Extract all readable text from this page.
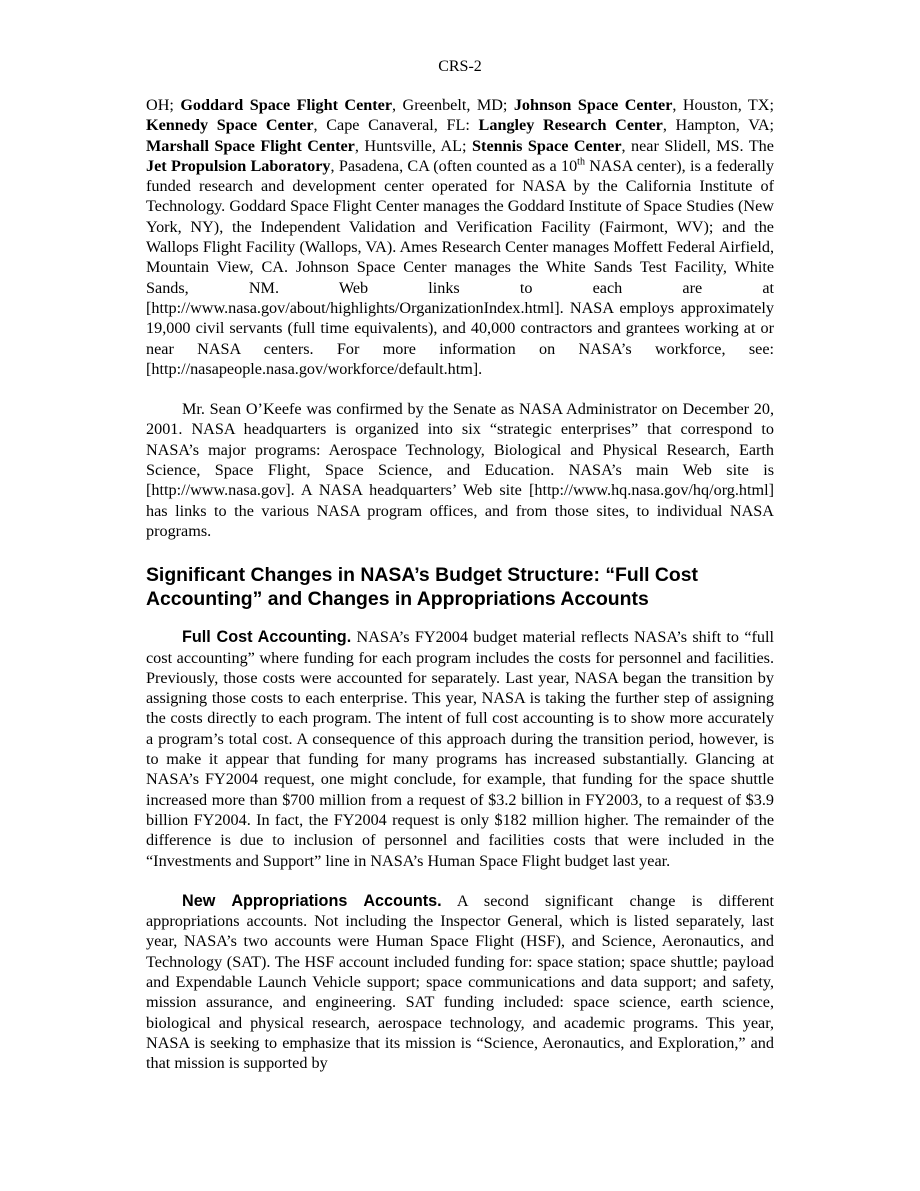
CRS-2

OH; Goddard Space Flight Center, Greenbelt, MD; Johnson Space Center, Houston, TX; Kennedy Space Center, Cape Canaveral, FL: Langley Research Center, Hampton, VA; Marshall Space Flight Center, Huntsville, AL; Stennis Space Center, near Slidell, MS. The Jet Propulsion Laboratory, Pasadena, CA (often counted as a 10th NASA center), is a federally funded research and development center operated for NASA by the California Institute of Technology. Goddard Space Flight Center manages the Goddard Institute of Space Studies (New York, NY), the Independent Validation and Verification Facility (Fairmont, WV); and the Wallops Flight Facility (Wallops, VA). Ames Research Center manages Moffett Federal Airfield, Mountain View, CA. Johnson Space Center manages the White Sands Test Facility, White Sands, NM. Web links to each are at [http://www.nasa.gov/about/highlights/OrganizationIndex.html]. NASA employs approximately 19,000 civil servants (full time equivalents), and 40,000 contractors and grantees working at or near NASA centers. For more information on NASA’s workforce, see: [http://nasapeople.nasa.gov/workforce/default.htm].

Mr. Sean O’Keefe was confirmed by the Senate as NASA Administrator on December 20, 2001. NASA headquarters is organized into six “strategic enterprises” that correspond to NASA’s major programs: Aerospace Technology, Biological and Physical Research, Earth Science, Space Flight, Space Science, and Education. NASA’s main Web site is [http://www.nasa.gov]. A NASA headquarters’ Web site [http://www.hq.nasa.gov/hq/org.html] has links to the various NASA program offices, and from those sites, to individual NASA programs.

Significant Changes in NASA’s Budget Structure: “Full Cost Accounting” and Changes in Appropriations Accounts

Full Cost Accounting. NASA’s FY2004 budget material reflects NASA’s shift to “full cost accounting” where funding for each program includes the costs for personnel and facilities. Previously, those costs were accounted for separately. Last year, NASA began the transition by assigning those costs to each enterprise. This year, NASA is taking the further step of assigning the costs directly to each program. The intent of full cost accounting is to show more accurately a program’s total cost. A consequence of this approach during the transition period, however, is to make it appear that funding for many programs has increased substantially. Glancing at NASA’s FY2004 request, one might conclude, for example, that funding for the space shuttle increased more than $700 million from a request of $3.2 billion in FY2003, to a request of $3.9 billion FY2004. In fact, the FY2004 request is only $182 million higher. The remainder of the difference is due to inclusion of personnel and facilities costs that were included in the “Investments and Support” line in NASA’s Human Space Flight budget last year.

New Appropriations Accounts. A second significant change is different appropriations accounts. Not including the Inspector General, which is listed separately, last year, NASA’s two accounts were Human Space Flight (HSF), and Science, Aeronautics, and Technology (SAT). The HSF account included funding for: space station; space shuttle; payload and Expendable Launch Vehicle support; space communications and data support; and safety, mission assurance, and engineering. SAT funding included: space science, earth science, biological and physical research, aerospace technology, and academic programs. This year, NASA is seeking to emphasize that its mission is “Science, Aeronautics, and Exploration,” and that mission is supported by
